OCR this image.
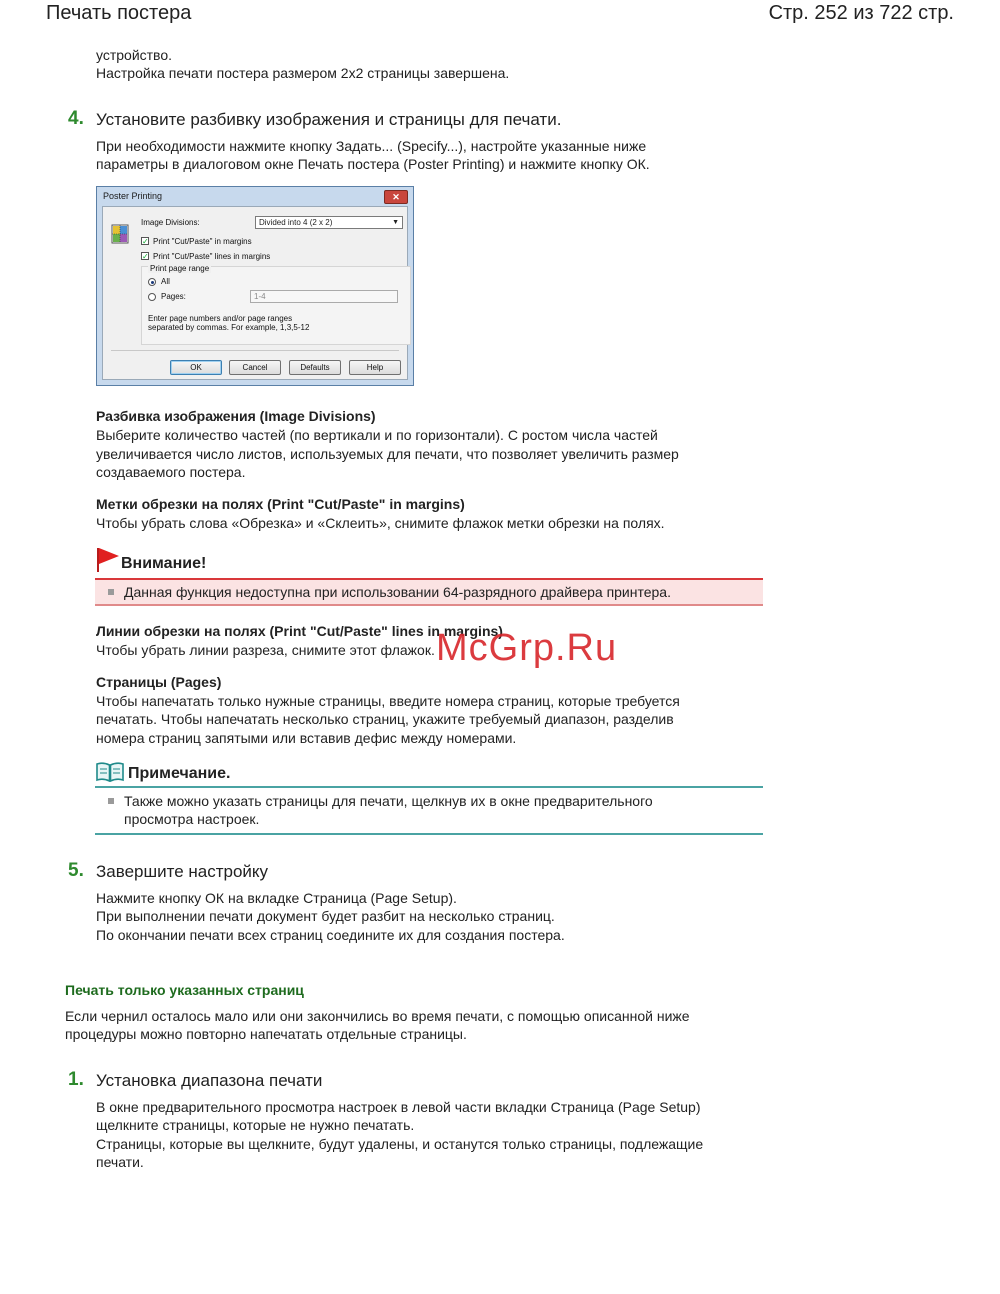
Печать постера	Стр. 252 из 722 стр.
устройство.
Настройка печати постера размером 2x2 страницы завершена.
4. Установите разбивку изображения и страницы для печати.
При необходимости нажмите кнопку Задать... (Specify...), настройте указанные ниже
параметры в диалоговом окне Печать постера (Poster Printing) и нажмите кнопку ОК.
Poster Printing	✕
Image Divisions:	Divided into 4 (2 x 2)	▼
✓ Print "Cut/Paste" in margins
✓ Print "Cut/Paste" lines in margins
Print page range
All
Pages:	1-4
Enter page numbers and/or page ranges
separated by commas. For example, 1,3,5-12
OK	Cancel	Defaults	Help
Разбивка изображения (Image Divisions)
Выберите количество частей (по вертикали и по горизонтали). С ростом числа частей
увеличивается число листов, используемых для печати, что позволяет увеличить размер
создаваемого постера.
Метки обрезки на полях (Print "Cut/Paste" in margins)
Чтобы убрать слова «Обрезка» и «Склеить», снимите флажок метки обрезки на полях.
Внимание!
Данная функция недоступна при использовании 64-разрядного драйвера принтера.
Линии обрезки на полях (Print "Cut/Paste" lines in margins)
Чтобы убрать линии разреза, снимите этот флажок. McGrp.Ru
Страницы (Pages)
Чтобы напечатать только нужные страницы, введите номера страниц, которые требуется
печатать. Чтобы напечатать несколько страниц, укажите требуемый диапазон, разделив
номера страниц запятыми или вставив дефис между номерами.
Примечание.
Также можно указать страницы для печати, щелкнув их в окне предварительного
просмотра настроек.
5. Завершите настройку
Нажмите кнопку ОК на вкладке Страница (Page Setup).
При выполнении печати документ будет разбит на несколько страниц.
По окончании печати всех страниц соедините их для создания постера.
Печать только указанных страниц
Если чернил осталось мало или они закончились во время печати, с помощью описанной ниже
процедуры можно повторно напечатать отдельные страницы.
1. Установка диапазона печати
В окне предварительного просмотра настроек в левой части вкладки Страница (Page Setup)
щелкните страницы, которые не нужно печатать.
Страницы, которые вы щелкните, будут удалены, и останутся только страницы, подлежащие
печати.
